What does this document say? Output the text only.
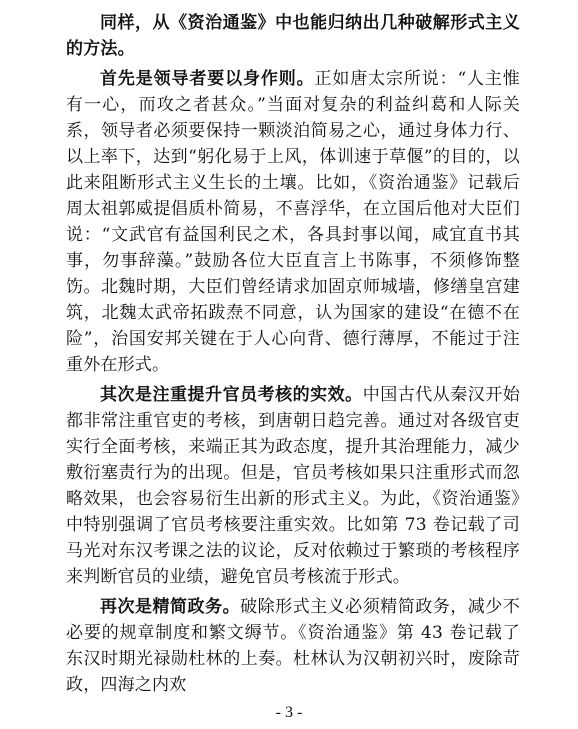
同样，从《资治通鉴》中也能归纳出几种破解形式主义的方法。

首先是领导者要以身作则。正如唐太宗所说：“人主惟有一心，而攻之者甚众。”当面对复杂的利益纠葛和人际关系，领导者必须要保持一颗淡泊简易之心，通过身体力行、以上率下，达到“躬化易于上风，体训速于草偃”的目的，以此来阻断形式主义生长的土壤。比如，《资治通鉴》记载后周太祖郭威提倡质朴简易，不喜浮华，在立国后他对大臣们说：“文武官有益国利民之术，各具封事以闻，咸宜直书其事，勿事辞藻。”鼓励各位大臣直言上书陈事，不须修饰整饬。北魏时期，大臣们曾经请求加固京师城墙，修缮皇宫建筑，北魏太武帝拓跋焘不同意，认为国家的建设“在德不在险”，治国安邦关键在于人心向背、德行薄厚，不能过于注重外在形式。

其次是注重提升官员考核的实效。中国古代从秦汉开始都非常注重官吏的考核，到唐朝日趋完善。通过对各级官吏实行全面考核，来端正其为政态度，提升其治理能力，减少敷衍塞责行为的出现。但是，官员考核如果只注重形式而忽略效果，也会容易衍生出新的形式主义。为此，《资治通鉴》中特别强调了官员考核要注重实效。比如第 73 卷记载了司马光对东汉考课之法的议论，反对依赖过于繁琐的考核程序来判断官员的业绩，避免官员考核流于形式。

再次是精简政务。破除形式主义必须精简政务，减少不必要的规章制度和繁文缛节。《资治通鉴》第 43 卷记载了东汉时期光禄勋杜林的上奏。杜林认为汉朝初兴时，废除苛政，四海之内欢

- 3 -
